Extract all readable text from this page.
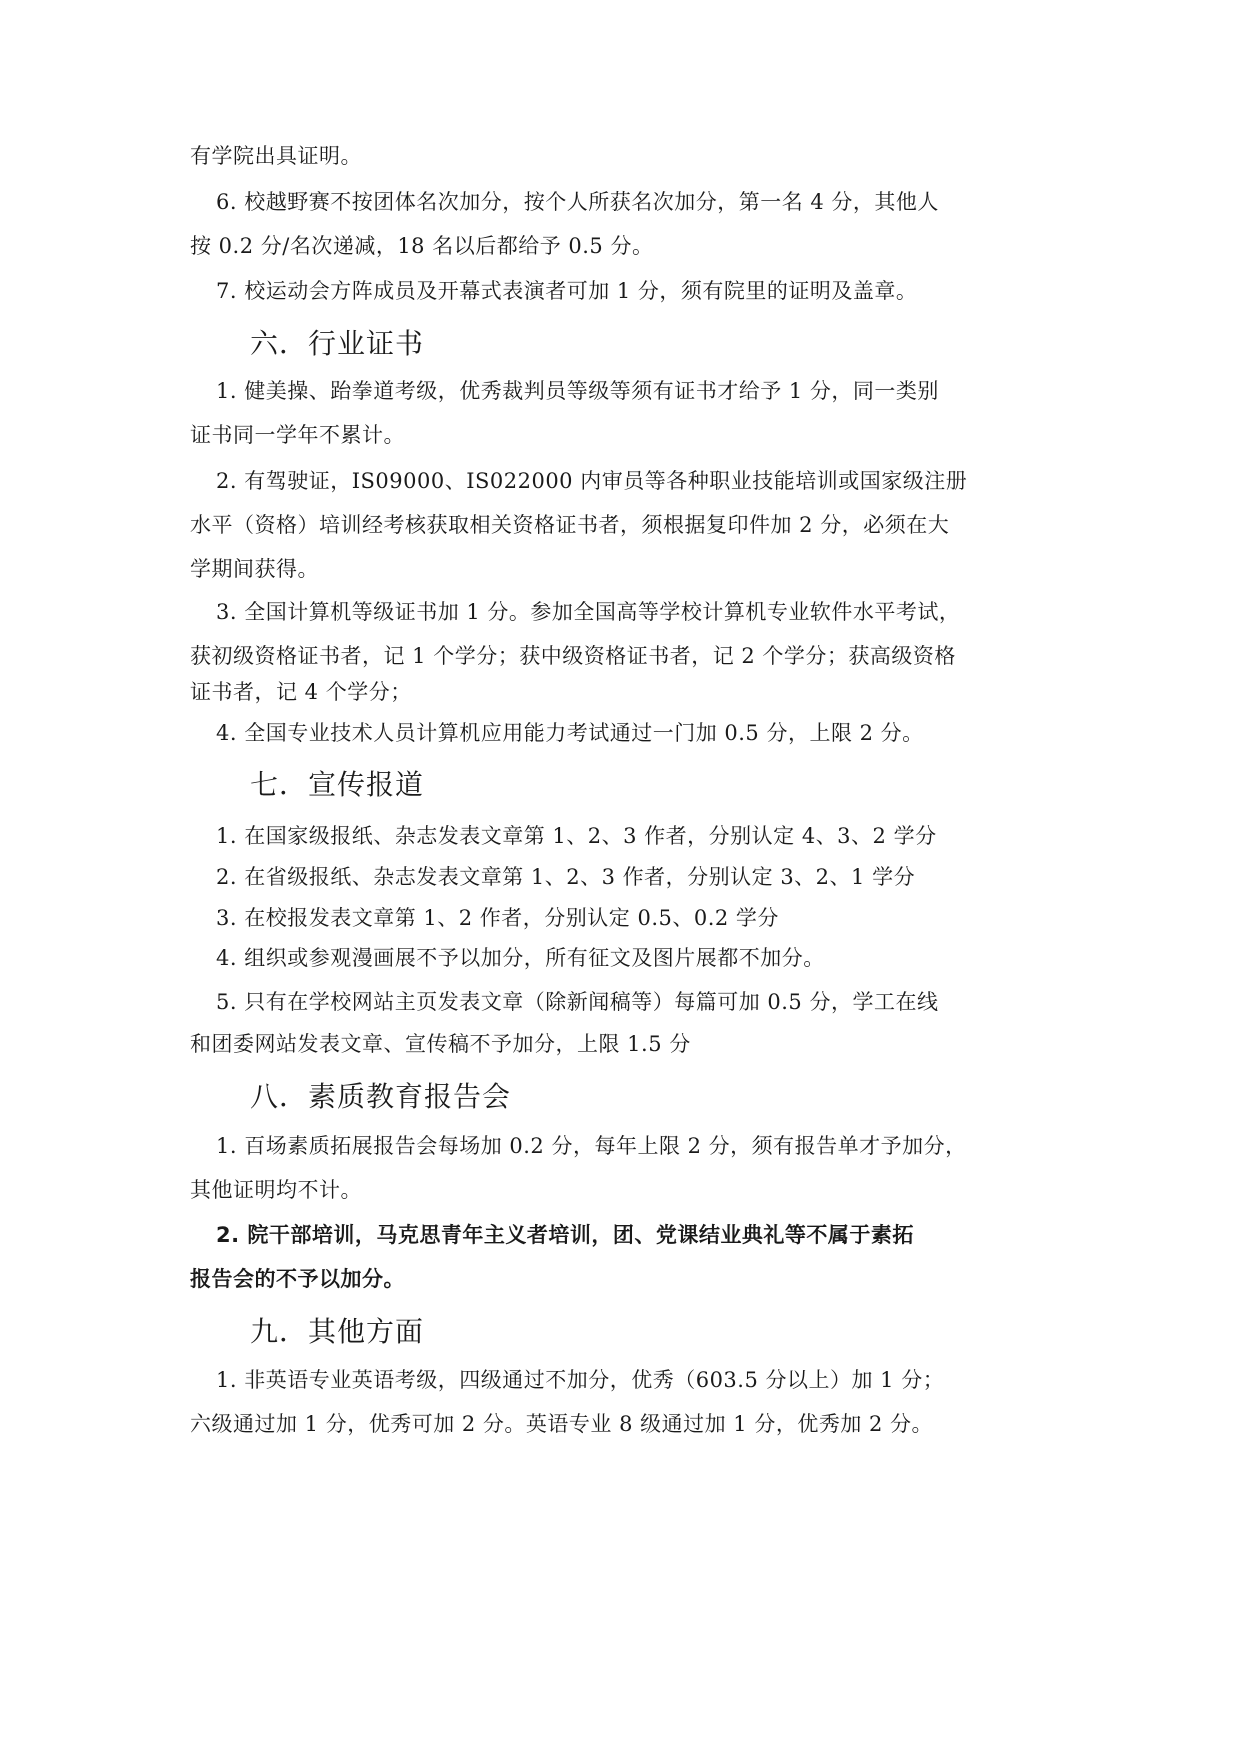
有学院出具证明。

6. 校越野赛不按团体名次加分，按个人所获名次加分，第一名 4 分，其他人

按 0.2 分/名次递减，18 名以后都给予 0.5 分。

7. 校运动会方阵成员及开幕式表演者可加 1 分，须有院里的证明及盖章。

六．行业证书

1. 健美操、跆拳道考级，优秀裁判员等级等须有证书才给予 1 分，同一类别

证书同一学年不累计。

2. 有驾驶证，IS09000、IS022000 内审员等各种职业技能培训或国家级注册

水平（资格）培训经考核获取相关资格证书者，须根据复印件加 2 分，必须在大

学期间获得。

3. 全国计算机等级证书加 1 分。参加全国高等学校计算机专业软件水平考试，

获初级资格证书者，记 1 个学分；获中级资格证书者，记 2 个学分；获高级资格

证书者，记 4 个学分；

4. 全国专业技术人员计算机应用能力考试通过一门加 0.5 分，上限 2 分。

七．宣传报道

1. 在国家级报纸、杂志发表文章第 1、2、3 作者，分别认定 4、3、2 学分

2. 在省级报纸、杂志发表文章第 1、2、3 作者，分别认定 3、2、1 学分

3. 在校报发表文章第 1、2 作者，分别认定 0.5、0.2 学分

4. 组织或参观漫画展不予以加分，所有征文及图片展都不加分。

5. 只有在学校网站主页发表文章（除新闻稿等）每篇可加 0.5 分，学工在线

和团委网站发表文章、宣传稿不予加分，上限 1.5 分

八．素质教育报告会

1. 百场素质拓展报告会每场加 0.2 分，每年上限 2 分，须有报告单才予加分，

其他证明均不计。

2. 院干部培训，马克思青年主义者培训，团、党课结业典礼等不属于素拓

报告会的不予以加分。

九．其他方面

1. 非英语专业英语考级，四级通过不加分，优秀（603.5 分以上）加 1 分；

六级通过加 1 分，优秀可加 2 分。英语专业 8 级通过加 1 分，优秀加 2 分。
